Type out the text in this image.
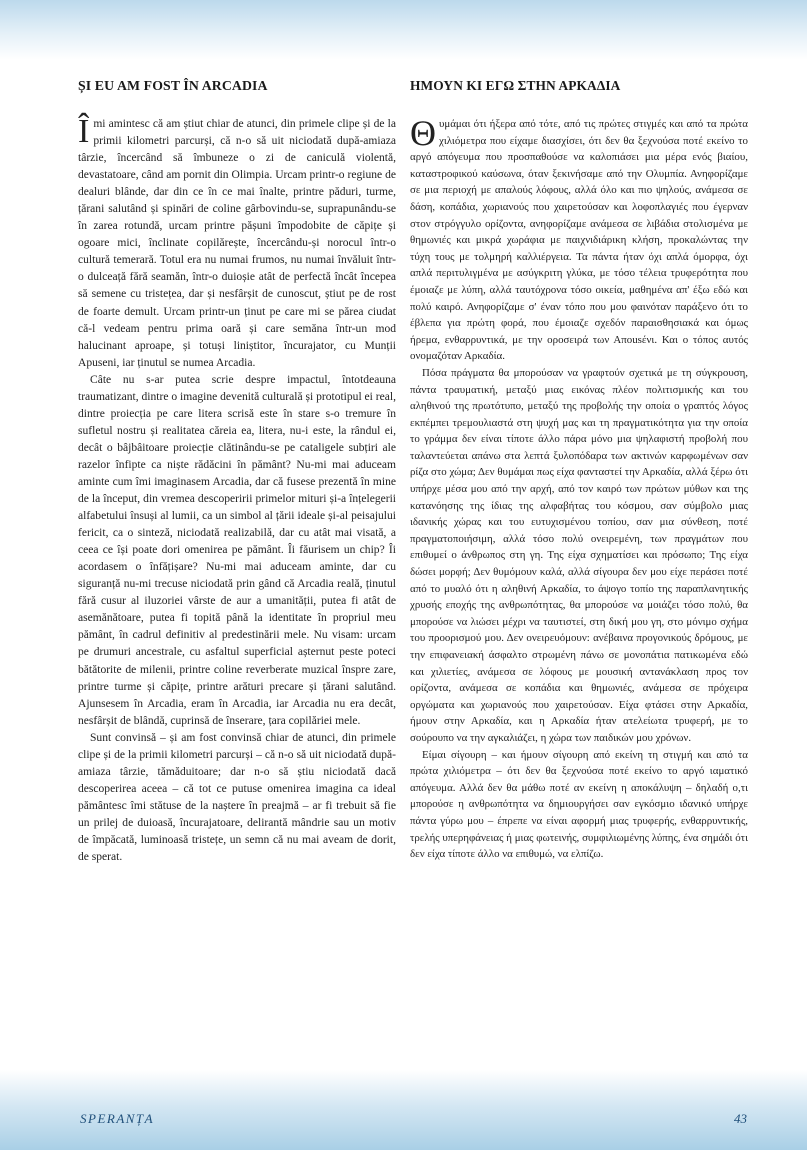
ȘI EU AM FOST ÎN ARCADIA

Îmi amintesc că am știut chiar de atunci, din primele clipe și de la primii kilometri parcurși, că n-o să uit niciodată după-amiaza târzie, încercând să îmbuneze o zi de caniculă violentă, devastatoare, când am pornit din Olimpia. Urcam printr-o regiune de dealuri blânde, dar din ce în ce mai înalte, printre păduri, turme, țărani salutând și spinări de coline gârbovindu-se, suprapunându-se în zarea rotundă, urcam printre pășuni împodobite de căpițe și ogoare mici, înclinate copilărește, încercându-și norocul într-o cultură temerară. Totul era nu numai frumos, nu numai învăluit într-o dulceață fără seamăn, într-o duioșie atât de perfectă încât începea să semene cu tristețea, dar și nesfârșit de cunoscut, știut pe de rost de foarte demult. Urcam printr-un ținut pe care mi se părea ciudat că-l vedeam pentru prima oară și care semăna într-un mod halucinant aproape, și totuși liniștitor, încurajator, cu Munții Apuseni, iar ținutul se numea Arcadia.

Câte nu s-ar putea scrie despre impactul, întotdeauna traumatizant, dintre o imagine devenită culturală și prototipul ei real, dintre proiecția pe care litera scrisă este în stare s-o tremure în sufletul nostru și realitatea căreia ea, litera, nu-i este, la rândul ei, decât o bâjbâitoare proiecție clătinându-se pe cataligele subțiri ale razelor înfipte ca niște rădăcini în pământ? Nu-mi mai aduceam aminte cum îmi imaginasem Arcadia, dar că fusese prezentă în mine de la început, din vremea descoperirii primelor mituri și-a înțelegerii alfabetului însuși al lumii, ca un simbol al țării ideale și-al peisajului fericit, ca o sinteză, niciodată realizabilă, dar cu atât mai visată, a ceea ce își poate dori omenirea pe pământ. Îi făurisem un chip? Îi acordasem o înfățișare? Nu-mi mai aduceam aminte, dar cu siguranță nu-mi trecuse niciodată prin gând că Arcadia reală, ținutul fără cusur al iluzoriei vârste de aur a umanității, putea fi atât de asemănătoare, putea fi topită până la identitate în propriul meu pământ, în cadrul definitiv al predestinării mele. Nu visam: urcam pe drumuri ancestrale, cu asfaltul superficial așternut peste poteci bătătorite de milenii, printre coline reverberate muzical înspre zare, printre turme și căpițe, printre arături precare și țărani salutând. Ajunsesem în Arcadia, eram în Arcadia, iar Arcadia nu era decât, nesfârșit de blândă, cuprinsă de înserare, țara copilăriei mele.

Sunt convinsă – și am fost convinsă chiar de atunci, din primele clipe și de la primii kilometri parcurși – că n-o să uit niciodată după-amiaza târzie, tămăduitoare; dar n-o să știu niciodată dacă descoperirea aceea – că tot ce putuse omenirea imagina ca ideal pământesc îmi stătuse de la naștere în preajmă – ar fi trebuit să fie un prilej de duioasă, încurajatoare, delirantă mândrie sau un motiv de împăcată, luminoasă tristețe, un semn că nu mai aveam de dorit, de sperat.

ΗΜΟΥΝ ΚΙ ΕΓΩ ΣΤΗΝ ΑΡΚΑΔΙΑ

Θυμάμαι ότι ήξερα από τότε, από τις πρώτες στιγμές και από τα πρώτα χιλιόμετρα που είχαμε διασχίσει, ότι δεν θα ξεχνούσα ποτέ εκείνο το αργό απόγευμα που προσπαθούσε να καλοπιάσει μια μέρα ενός βιαίου, καταστροφικού καύσωνα, όταν ξεκινήσαμε από την Ολυμπία. Ανηφορίζαμε σε μια περιοχή με απαλούς λόφους, αλλά όλο και πιο ψηλούς, ανάμεσα σε δάση, κοπάδια, χωριανούς που χαιρετούσαν και λοφοπλαγιές που έγερναν στον στρόγγυλο ορίζοντα, ανηφορίζαμε ανάμεσα σε λιβάδια στολισμένα με θημωνιές και μικρά χωράφια με παιχνιδιάρικη κλήση, προκαλώντας την τύχη τους με τολμηρή καλλιέργεια. Τα πάντα ήταν όχι απλά όμορφα, όχι απλά περιτυλιγμένα με ασύγκριτη γλύκα, με τόσο τέλεια τρυφερότητα που έμοιαζε με λύπη, αλλά ταυτόχρονα τόσο οικεία, μαθημένα απ' έξω εδώ και πολύ καιρό. Ανηφορίζαμε σ' έναν τόπο που μου φαινόταν παράξενο ότι το έβλεπα για πρώτη φορά, που έμοιαζε σχεδόν παραισθησιακά και όμως ήρεμα, ενθαρρυντικά, με την οροσειρά των Αποusένι. Και ο τόπος αυτός ονομαζόταν Αρκαδία.

Πόσα πράγματα θα μπορούσαν να γραφτούν σχετικά με τη σύγκρουση, πάντα τραυματική, μεταξύ μιας εικόνας πλέον πολιτισμικής και του αληθινού της πρωτότυπο, μεταξύ της προβολής την οποία ο γραπτός λόγος εκπέμπει τρεμουλιαστά στη ψυχή μας και τη πραγματικότητα για την οποία το γράμμα δεν είναι τίποτε άλλο πάρα μόνο μια ψηλαφιστή προβολή που ταλαντεύεται απάνω στα λεπτά ξυλοπόδαρα των ακτινών καρφωμένων σαν ρίζα στο χώμα; Δεν θυμάμαι πως είχα φανταστεί την Αρκαδία, αλλά ξέρω ότι υπήρχε μέσα μου από την αρχή, από τον καιρό των πρώτων μύθων και της κατανόησης της ίδιας της αλφαβήτας του κόσμου, σαν σύμβολο μιας ιδανικής χώρας και του ευτυχισμένου τοπίου, σαν μια σύνθεση, ποτέ πραγματοποιήσιμη, αλλά τόσο πολύ ονειρεμένη, των πραγμάτων που επιθυμεί ο άνθρωπος στη γη. Της είχα σχηματίσει και πρόσωπο; Της είχα δώσει μορφή; Δεν θυμόμουν καλά, αλλά σίγουρα δεν μου είχε περάσει ποτέ από το μυαλό ότι η αληθινή Αρκαδία, το άψογο τοπίο της παραπλανητικής χρυσής εποχής της ανθρωπότητας, θα μπορούσε να μοιάζει τόσο πολύ, θα μπορούσε να λιώσει μέχρι να ταυτιστεί, στη δική μου γη, στο μόνιμο σχήμα του προορισμού μου. Δεν ονειρευόμουν: ανέβαινα προγονικούς δρόμους, με την επιφανειακή άσφαλτο στρωμένη πάνω σε μονοπάτια πατικωμένα εδώ και χιλιετίες, ανάμεσα σε λόφους με μουσική αντανάκλαση προς τον ορίζοντα, ανάμεσα σε κοπάδια και θημωνιές, ανάμεσα σε πρόχειρα οργώματα και χωριανούς που χαιρετούσαν. Είχα φτάσει στην Αρκαδία, ήμουν στην Αρκαδία, και η Αρκαδία ήταν ατελείωτα τρυφερή, με το σούρουπο να την αγκαλιάζει, η χώρα των παιδικών μου χρόνων.

Είμαι σίγουρη – και ήμουν σίγουρη από εκείνη τη στιγμή και από τα πρώτα χιλιόμετρα – ότι δεν θα ξεχνούσα ποτέ εκείνο το αργό ιαματικό απόγευμα. Αλλά δεν θα μάθω ποτέ αν εκείνη η αποκάλυψη – δηλαδή ο,τι μπορούσε η ανθρωπότητα να δημιουργήσει σαν εγκόσμιο ιδανικό υπήρχε πάντα γύρω μου – έπρεπε να είναι αφορμή μιας τρυφερής, ενθαρρυντικής, τρελής υπερηφάνειας ή μιας φωτεινής, συμφιλιωμένης λύπης, ένα σημάδι ότι δεν είχα τίποτε άλλο να επιθυμώ, να ελπίζω.

SPERANȚA	43
